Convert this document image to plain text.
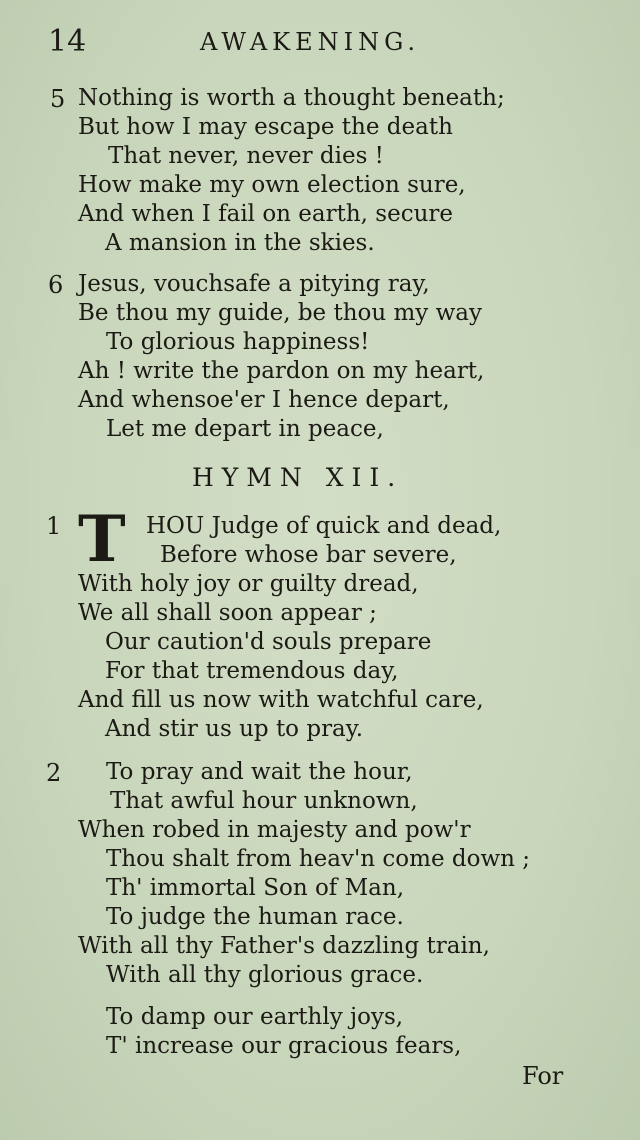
14	AWAKENING.
5 Nothing is worth a thought beneath;
But how I may escape the death
That never, never dies !
How make my own election sure,
And when I fail on earth, secure
A mansion in the skies.
6 Jesus, vouchsafe a pitying ray,
Be thou my guide, be thou my way
To glorious happiness!
Ah ! write the pardon on my heart,
And whensoe'er I hence depart,
Let me depart in peace,
HYMN XII.
1 T HOU Judge of quick and dead,
Before whose bar severe,
With holy joy or guilty dread,
We all shall soon appear ;
Our caution'd souls prepare
For that tremendous day,
And fill us now with watchful care,
And stir us up to pray.
2 To pray and wait the hour,
That awful hour unknown,
When robed in majesty and pow'r
Thou shalt from heav'n come down ;
Th' immortal Son of Man,
To judge the human race.
With all thy Father's dazzling train,
With all thy glorious grace.
To damp our earthly joys,
T' increase our gracious fears,
For
